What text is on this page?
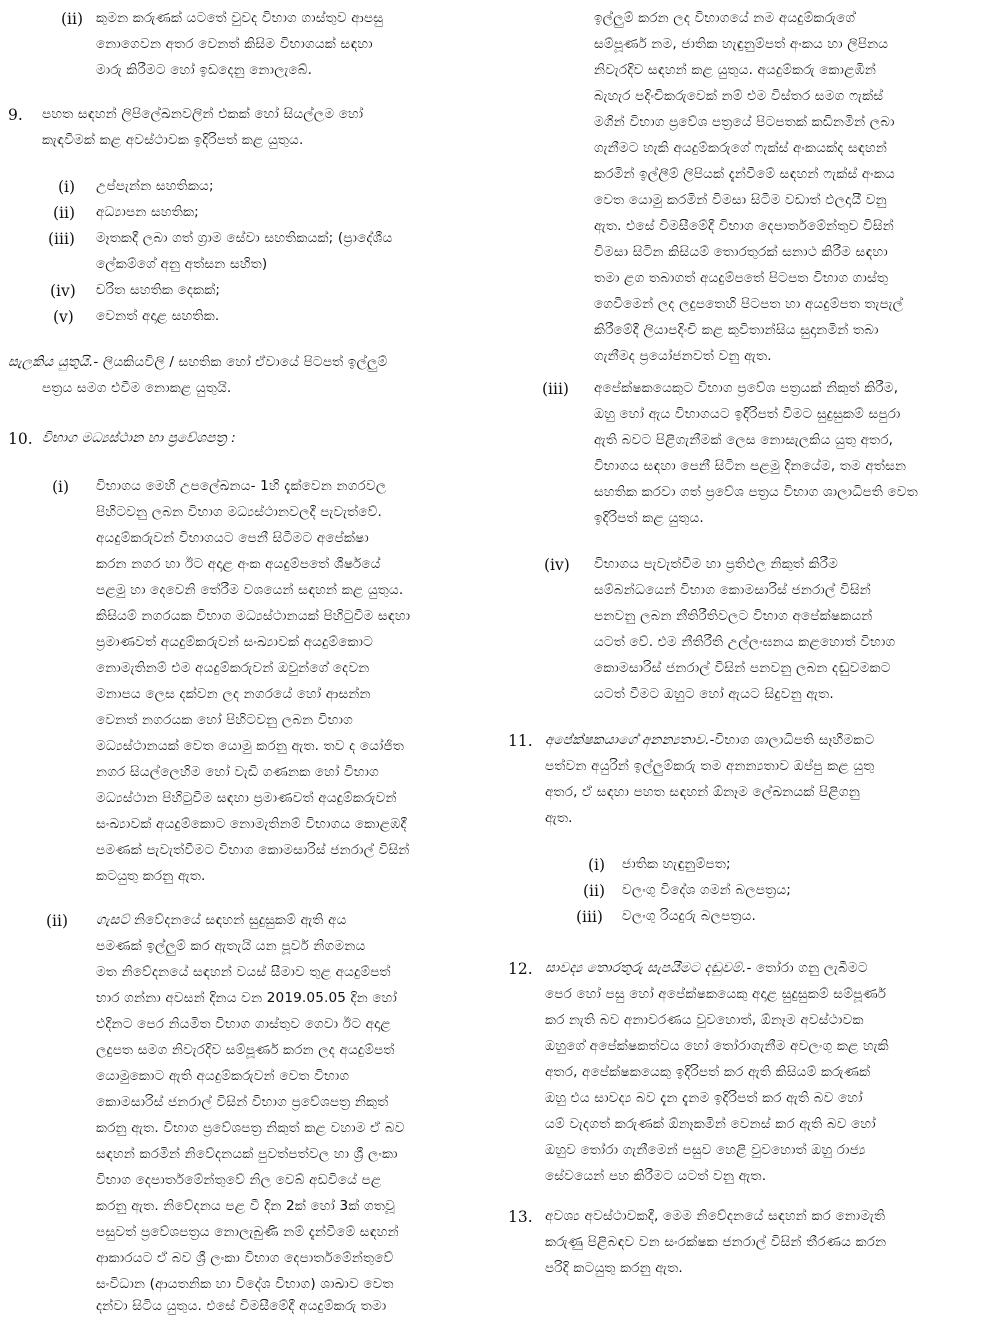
(ii) කුමන කරුණක් යටතේ වුවද විභාග ගාස්තුව ආපසු
නොගෙවන අතර වෙනත් කිසිම විභාගයක් සඳහා
මාරු කිරීමට හෝ ඉඩදෙනු නොලැබේ.
9. පහත සඳහන් ලිපිලේඛනවලින් එකක් හෝ සියල්ලම හෝ
කැඳවීමක් කළ අවස්ථාවක ඉදිරිපත් කළ යුතුය.
(i) උප්පැන්න සහතිකය;
(ii) අධ්‍යාපන සහතික;
(iii) මෑතකදී ලබා ගත් ග්‍රාම සේවා සහතිකයක්; (ප්‍රාදේශීය
ලේකම්ගේ අනු අත්සන සහිත)
(iv) චරිත සහතික දෙකක්;
(v) වෙනත් අදාළ සහතික.
සැලකිය යුතුයි.- ලියකියවිලි / සහතික හෝ ඒවායේ පිටපත් ඉල්ලුම්
පත්‍රය සමග එවීම නොකළ යුතුයි.
10. විභාග මධ්‍යස්ථාන හා ප්‍රවේශපත්‍ර :
(i) විභාගය මෙහි උපලේඛනය- 1හි දැක්වෙන නගරවල
පිහිටවනු ලබන විභාග මධ්‍යස්ථානවලදී පැවැත්වේ.
අයදුම්කරුවන් විභාගයට පෙනී සිටීමට අපේක්ෂා
කරන නගර හා ඊට අදාළ අංක අයදුම්පතේ ශීර්ෂයේ
පළමු හා දෙවෙනි තේරීම වශයෙන් සඳහන් කළ යුතුය.
කිසියම් නගරයක විභාග මධ්‍යස්ථානයක් පිහිටුවීම සඳහා
ප්‍රමාණවත් අයදුම්කරුවන් සංඛ්‍යාවක් අයදුම්කොට
නොමැතිනම් එම අයදුම්කරුවන් ඔවුන්ගේ දෙවන
මනාපය ලෙස දක්වන ලද නගරයේ හෝ ආසන්න
වෙනත් නගරයක හෝ පිහිටවනු ලබන විභාග
මධ්‍යස්ථානයක් වෙත යොමු කරනු ඇත. තව ද යෝජිත
නගර සියල්ලෙහිම හෝ වැඩි ගණනක හෝ විභාග
මධ්‍යස්ථාන පිහිටුවීම සඳහා ප්‍රමාණවත් අයදුම්කරුවන්
සංඛ්‍යාවක් අයදුම්කොට නොමැතිනම් විභාගය කොළඹදී
පමණක් පැවැත්වීමට විභාග කොමසාරිස් ජනරාල් විසින්
කටයුතු කරනු ඇත.
(ii) ගැසට් නිවේදනයේ සඳහන් සුදුසුකම් ඇති අය
පමණක් ඉල්ලුම් කර ඇතැයි යන පූර්ව නිගමනය
මත නිවේදනයේ සඳහන් වයස් සීමාව තුළ අයදුම්පත්
භාර ගන්නා අවසන් දිනය වන 2019.05.05 දින හෝ
එදිනට පෙර නියමිත විභාග ගාස්තුව ගෙවා ඊට අදාළ
ලදුපත සමග නිවැරදිව සම්පූර්ණ කරන ලද අයදුම්පත්
යොමුකොට ඇති අයදුම්කරුවන් වෙත විභාග
කොමසාරිස් ජනරාල් විසින් විභාග ප්‍රවේශපත්‍ර නිකුත්
කරනු ඇත. විභාග ප්‍රවේශපත්‍ර නිකුත් කළ වහාම ඒ බව
සඳහන් කරමින් නිවේදනයක් පුවත්පත්වල හා ශ්‍රී ලංකා
විභාග දෙපාර්තමේන්තුවේ නිල වෙබ් අඩවියේ පළ
කරනු ඇත. නිවේදනය පළ වී දින 2ක් හෝ 3ක් ගතවූ
පසුවත් ප්‍රවේශපත්‍රය නොලැබුණි නම් දැන්වීමේ සඳහන්
ආකාරයට ඒ බව ශ්‍රී ලංකා විභාග දෙපාර්තමේන්තුවේ
සංවිධාන (ආයතනික හා විදේශ විභාග) ශාඛාව වෙත
දන්වා සිටිය යුතුය. එසේ විමසීමේදී අයදුම්කරු තමා
ඉල්ලුම් කරන ලද විභාගයේ නම අයදුම්කරුගේ
සම්පූර්ණ නම, ජාතික හැඳුනුම්පත් අංකය හා ලිපිනය
නිවැරදිව සඳහන් කළ යුතුය. අයදුම්කරු කොළඹින්
බැහැර පදිංචිකරුවෙක් නම් එම විස්තර සමග ෆැක්ස්
මගින් විභාග ප්‍රවේශ පත්‍රයේ පිටපතක් කඩිනමින් ලබා
ගැනීමට හැකි අයදුම්කරුගේ ෆැක්ස් අංකයක්ද සඳහන්
කරමින් ඉල්ලීම් ලිපියක් දැන්වීමේ සඳහන් ෆැක්ස් අංකය
වෙත යොමු කරමින් විමසා සිටීම වඩාත් ඵලදායී වනු
ඇත. එසේ විමසීමේදී විභාග දෙපාර්තමේන්තුව විසින්
විමසා සිටින කිසියම් තොරතුරක් සනාථ කිරීම සඳහා
තමා ළග තබාගත් අයදුම්පතේ පිටපත විභාග ගාස්තු
ගෙවීමෙන් ලද ලදුපතෙහි පිටපත හා අයදුම්පත තැපැල්
කිරීමේදී ලියාපදිංචි කළ කුවිතාන්සිය සුදානමින් තබා
ගැනීමද ප්‍රයෝජනවත් වනු ඇත.
(iii) අපේක්ෂකයෙකුට විභාග ප්‍රවේශ පත්‍රයක් නිකුත් කිරීම,
ඔහු හෝ ඇය විභාගයට ඉදිරිපත් වීමට සුදුසුකම් සපුරා
ඇති බවට පිළිගැනීමක් ලෙස නොසැලකිය යුතු අතර,
විභාගය සඳහා පෙනී සිටින පළමු දිනයේම, තම අත්සන
සහතික කරවා ගත් ප්‍රවේශ පත්‍රය විභාග ශාලාධිපති වෙත
ඉදිරිපත් කළ යුතුය.
(iv) විභාගය පැවැත්වීම හා ප්‍රතිඵල නිකුත් කිරීම
සම්බන්ධයෙන් විභාග කොමසාරිස් ජනරාල් විසින්
පනවනු ලබන නීතිරීතිවලට විභාග අපේක්ෂකයන්
යටත් වේ. එම නීතිරීති උල්ලංඝනය කළහොත් විභාග
කොමසාරිස් ජනරාල් විසින් පනවනු ලබන දඬුවමකට
යටත් වීමට ඔහුට හෝ ඇයට සිදුවනු ඇත.
11. අපේක්ෂකයාගේ අනන්‍යතාව.-විභාග ශාලාධිපති සෑහීමකට
පත්වන අයුරින් ඉල්ලුම්කරු තම අනන්‍යතාව ඔප්පු කළ යුතු
අතර, ඒ සඳහා පහත සඳහන් ඕනෑම ලේඛනයක් පිළිගනු
ඇත.
(i) ජාතික හැඳුනුම්පත;
(ii) වලංගු විදේශ ගමන් බලපත්‍රය;
(iii) වලංගු රියදුරු බලපත්‍රය.
12. සාවද්‍ය තොරතුරු සැපයීමට දඬුවම්.- තෝරා ගනු ලැබීමට
පෙර හෝ පසු හෝ අපේක්ෂකයෙකු අදාළ සුදුසුකම් සම්පූර්ණ
කර නැති බව අනාවරණය වුවහොත්, ඕනෑම අවස්ථාවක
ඔහුගේ අපේක්ෂකත්වය හෝ තෝරාගැනීම අවලංගු කළ හැකි
අතර, අපේක්ෂකයෙකු ඉදිරිපත් කර ඇති කිසියම් කරුණක්
ඔහු එය සාවද්‍ය බව දැන දැනම ඉදිරිපත් කර ඇති බව හෝ
යම් වැදගත් කරුණක් ඕනෑකමින් වෙනස් කර ඇති බව හෝ
ඔහුව තෝරා ගැනීමෙන් පසුව හෙළි වුවහොත් ඔහු රාජ්‍ය
සේවයෙන් පහ කිරීමට යටත් වනු ඇත.
13. අවශ්‍ය අවස්ථාවකදී, මෙම නිවේදනයේ සඳහන් කර නොමැති
කරුණු පිළිබඳව වන සංරක්ෂක ජනරාල් විසින් තීරණය කරන
පරිදි කටයුතු කරනු ඇත.
